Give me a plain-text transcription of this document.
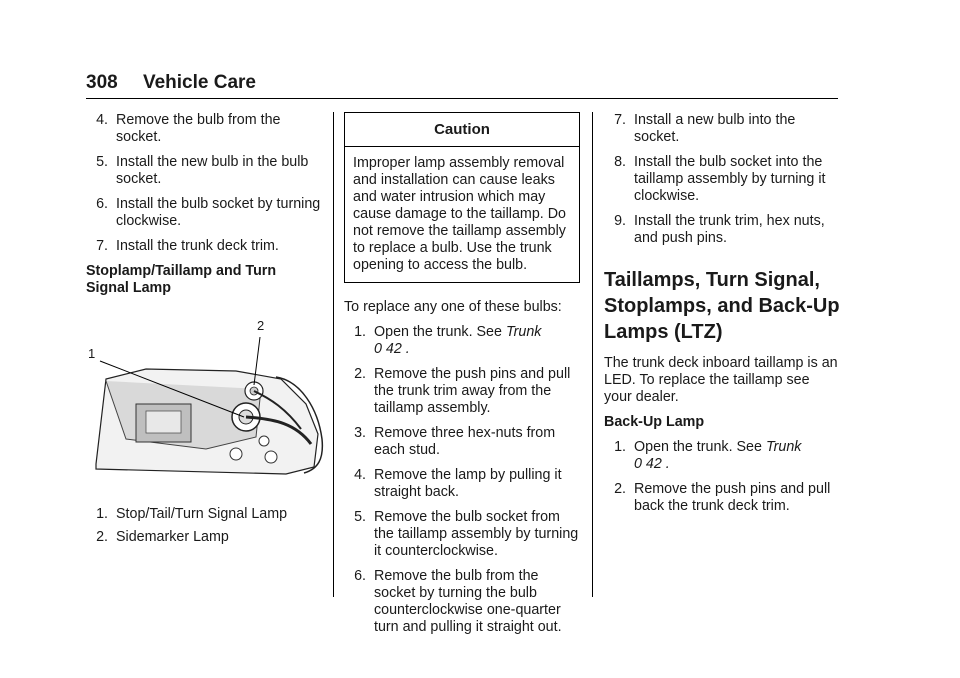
308 Vehicle Care
4. Remove the bulb from the socket.
5. Install the new bulb in the bulb socket.
6. Install the bulb socket by turning clockwise.
7. Install the trunk deck trim.
Stoplamp/Taillamp and Turn Signal Lamp
1
2
1. Stop/Tail/Turn Signal Lamp
2. Sidemarker Lamp
Caution
Improper lamp assembly removal and installation can cause leaks and water intrusion which may cause damage to the taillamp. Do not remove the taillamp assembly to replace a bulb. Use the trunk opening to access the bulb.
To replace any one of these bulbs:
1. Open the trunk. See Trunk
0 42 .
2. Remove the push pins and pull the trunk trim away from the taillamp assembly.
3. Remove three hex-nuts from each stud.
4. Remove the lamp by pulling it straight back.
5. Remove the bulb socket from the taillamp assembly by turning it counterclockwise.
6. Remove the bulb from the socket by turning the bulb counterclockwise one-quarter turn and pulling it straight out.
7. Install a new bulb into the socket.
8. Install the bulb socket into the taillamp assembly by turning it clockwise.
9. Install the trunk trim, hex nuts, and push pins.
Taillamps, Turn Signal, Stoplamps, and Back-Up Lamps (LTZ)
The trunk deck inboard taillamp is an LED. To replace the taillamp see your dealer.
Back-Up Lamp
1. Open the trunk. See Trunk
0 42 .
2. Remove the push pins and pull back the trunk deck trim.
